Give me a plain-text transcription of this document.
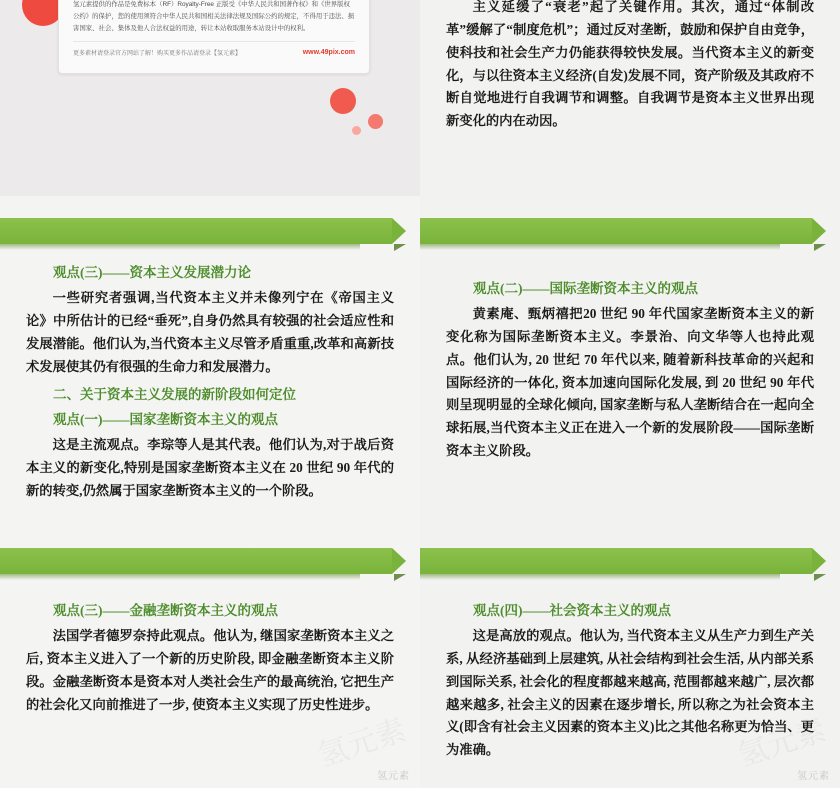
氢元素提供的作品是免费标本（RF）Royalty-Free 正版受《中华人民共和国著作权》和《世界版权公约》的保护，您的使用须符合中华人民共和国相关法律法规及国际公约的规定，不得用于违法、损害国家、社会、集体及他人合法权益的用途，转让本站收取服务本站设计中的权利。

更多素材请登录官方网站了解！购买更多作品请登录【氢元素】	www.49pix.com

主义延缓了“衰老”起了关键作用。其次，通过“体制改革”缓解了“制度危机”；通过反对垄断，鼓励和保护自由竞争，使科技和社会生产力仍能获得较快发展。当代资本主义的新变化，与以往资本主义经济(自发)发展不同，资产阶级及其政府不断自觉地进行自我调节和调整。自我调节是资本主义世界出现新变化的内在动因。

观点(三)——资本主义发展潜力论

一些研究者强调,当代资本主义并未像列宁在《帝国主义论》中所估计的已经“垂死”,自身仍然具有较强的社会适应性和发展潜能。他们认为,当代资本主义尽管矛盾重重,改革和高新技术发展使其仍有很强的生命力和发展潜力。

二、关于资本主义发展的新阶段如何定位

观点(一)——国家垄断资本主义的观点

这是主流观点。李琮等人是其代表。他们认为,对于战后资本主义的新变化,特别是国家垄断资本主义在 20 世纪 90 年代的新的转变,仍然属于国家垄断资本主义的一个阶段。

观点(二)——国际垄断资本主义的观点

黄素庵、甄炳禧把20 世纪 90 年代国家垄断资本主义的新变化称为国际垄断资本主义。李景治、向文华等人也持此观点。他们认为, 20 世纪 70 年代以来, 随着新科技革命的兴起和国际经济的一体化, 资本加速向国际化发展, 到 20 世纪 90 年代则呈现明显的全球化倾向, 国家垄断与私人垄断结合在一起向全球拓展,当代资本主义正在进入一个新的发展阶段——国际垄断资本主义阶段。

观点(三)——金融垄断资本主义的观点

法国学者德罗奈持此观点。他认为, 继国家垄断资本主义之后, 资本主义进入了一个新的历史阶段, 即金融垄断资本主义阶段。金融垄断资本是资本对人类社会生产的最高统治, 它把生产的社会化又向前推进了一步, 使资本主义实现了历史性进步。

氢元素

观点(四)——社会资本主义的观点

这是高放的观点。他认为, 当代资本主义从生产力到生产关系, 从经济基础到上层建筑, 从社会结构到社会生活, 从内部关系到国际关系, 社会化的程度都越来越高, 范围都越来越广, 层次都越来越多, 社会主义的因素在逐步增长, 所以称之为社会资本主义(即含有社会主义因素的资本主义)比之其他名称更为恰当、更为准确。

氢元素
